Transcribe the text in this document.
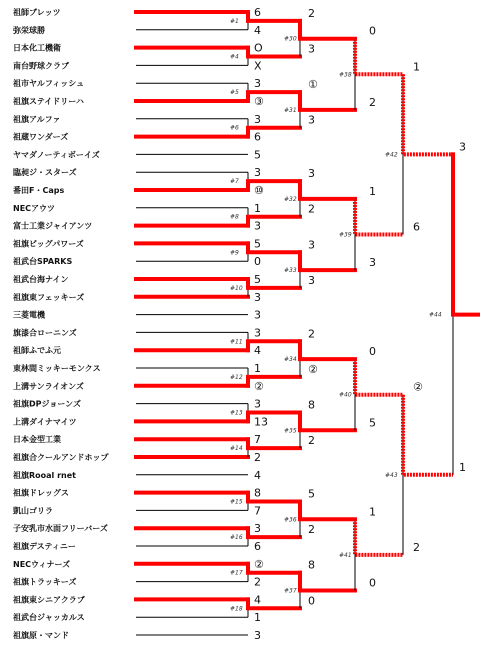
祖師ブレッツ
弥栄球勝
日本化工機衛
南台野球クラブ
祖市ヤルフィッシュ
祖旗ステイドリーハ
祖旗アルファ
祖蔵ワンダーズ
ヤマダノーティボーイズ
臨昶ジ・スターズ
番田F・Caps
NECアウツ
富士工業ジャイアンツ
祖旗ビッグパワーズ
祖武台SPARKS
祖武台海ナイン
祖旗東フェッキーズ
三菱電機
旗漆合ローニンズ
祖師ふでふ元
東林間ミッキーモンクス
上溝サンライオンズ
祖旗DPジョーンズ
上溝ダイナマイツ
日本金型工業
祖旗合クールアンドホップ
祖旗Rooal rnet
祖旗ドレッグス
凱山ゴリラ
子安乳市水面フリーバーズ
祖旗デスティニー
NECウィナーズ
祖旗トラッキーズ
祖旗東シニアクラブ
祖武台ジャッカルス
祖旗原・マンド
#1
#4
#5
#6
#7
#8
#9
#10
#11
#12
#13
#14
#15
#16
#17
#18
6
4
O
X
3
③
3
6
5
3
⑩
1
3
5
0
5
3
3
3
4
1
②
3
13
7
2
4
8
7
3
6
②
2
4
1
3
#30
#31
#32
#33
#34
#35
#36
#37
2
3
①
3
3
2
3
3
2
②
8
2
5
2
8
0
#38
#39
#40
#41
0
2
1
3
0
5
1
0
#42
#43
1
6
②
2
#44
3
1
